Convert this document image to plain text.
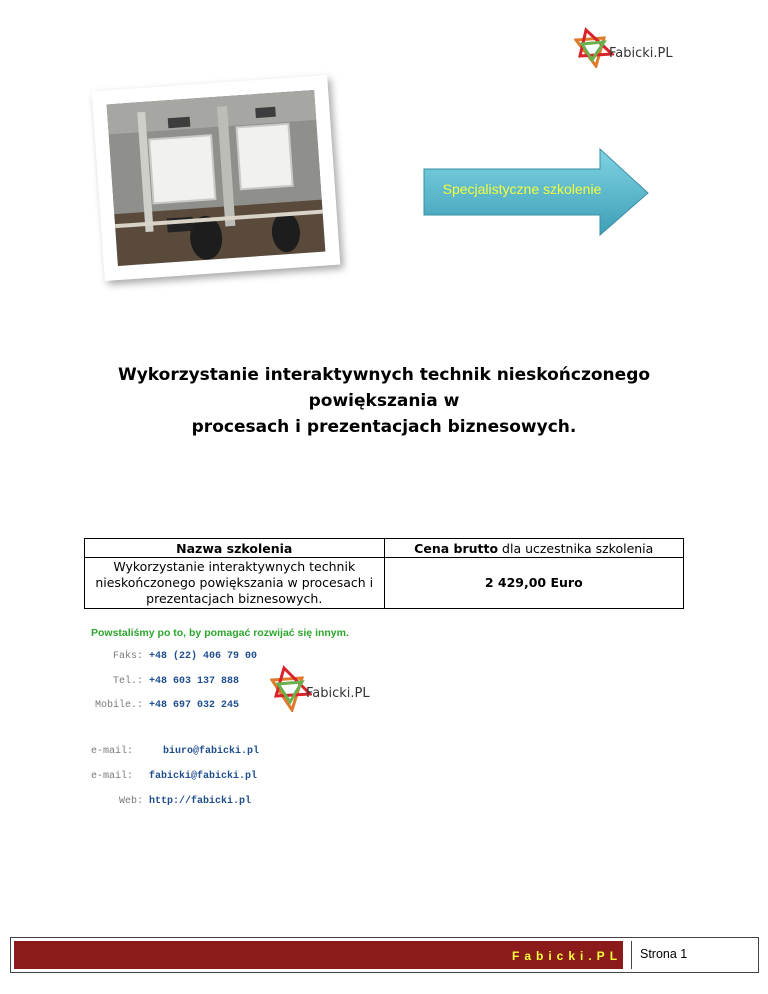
Fabicki.PL
Specjalistyczne szkolenie
Wykorzystanie interaktywnych technik nieskończonego powiększania w
procesach i prezentacjach biznesowych.
Nazwa szkolenia	Cena brutto dla uczestnika szkolenia

Wykorzystanie interaktywnych technik
nieskończonego powiększania w procesach i
prezentacjach biznesowych.	2 429,00 Euro
Powstaliśmy po to, by pomagać rozwijać się innym.
Faks: +48 (22) 406 79 00
Tel.: +48 603 137 888
Mobile.: +48 697 032 245
e-mail:	biuro@fabicki.pl
e-mail: fabicki@fabicki.pl
Web: http://fabicki.pl
Fabicki.PL
Fabicki.PL Strona 1
